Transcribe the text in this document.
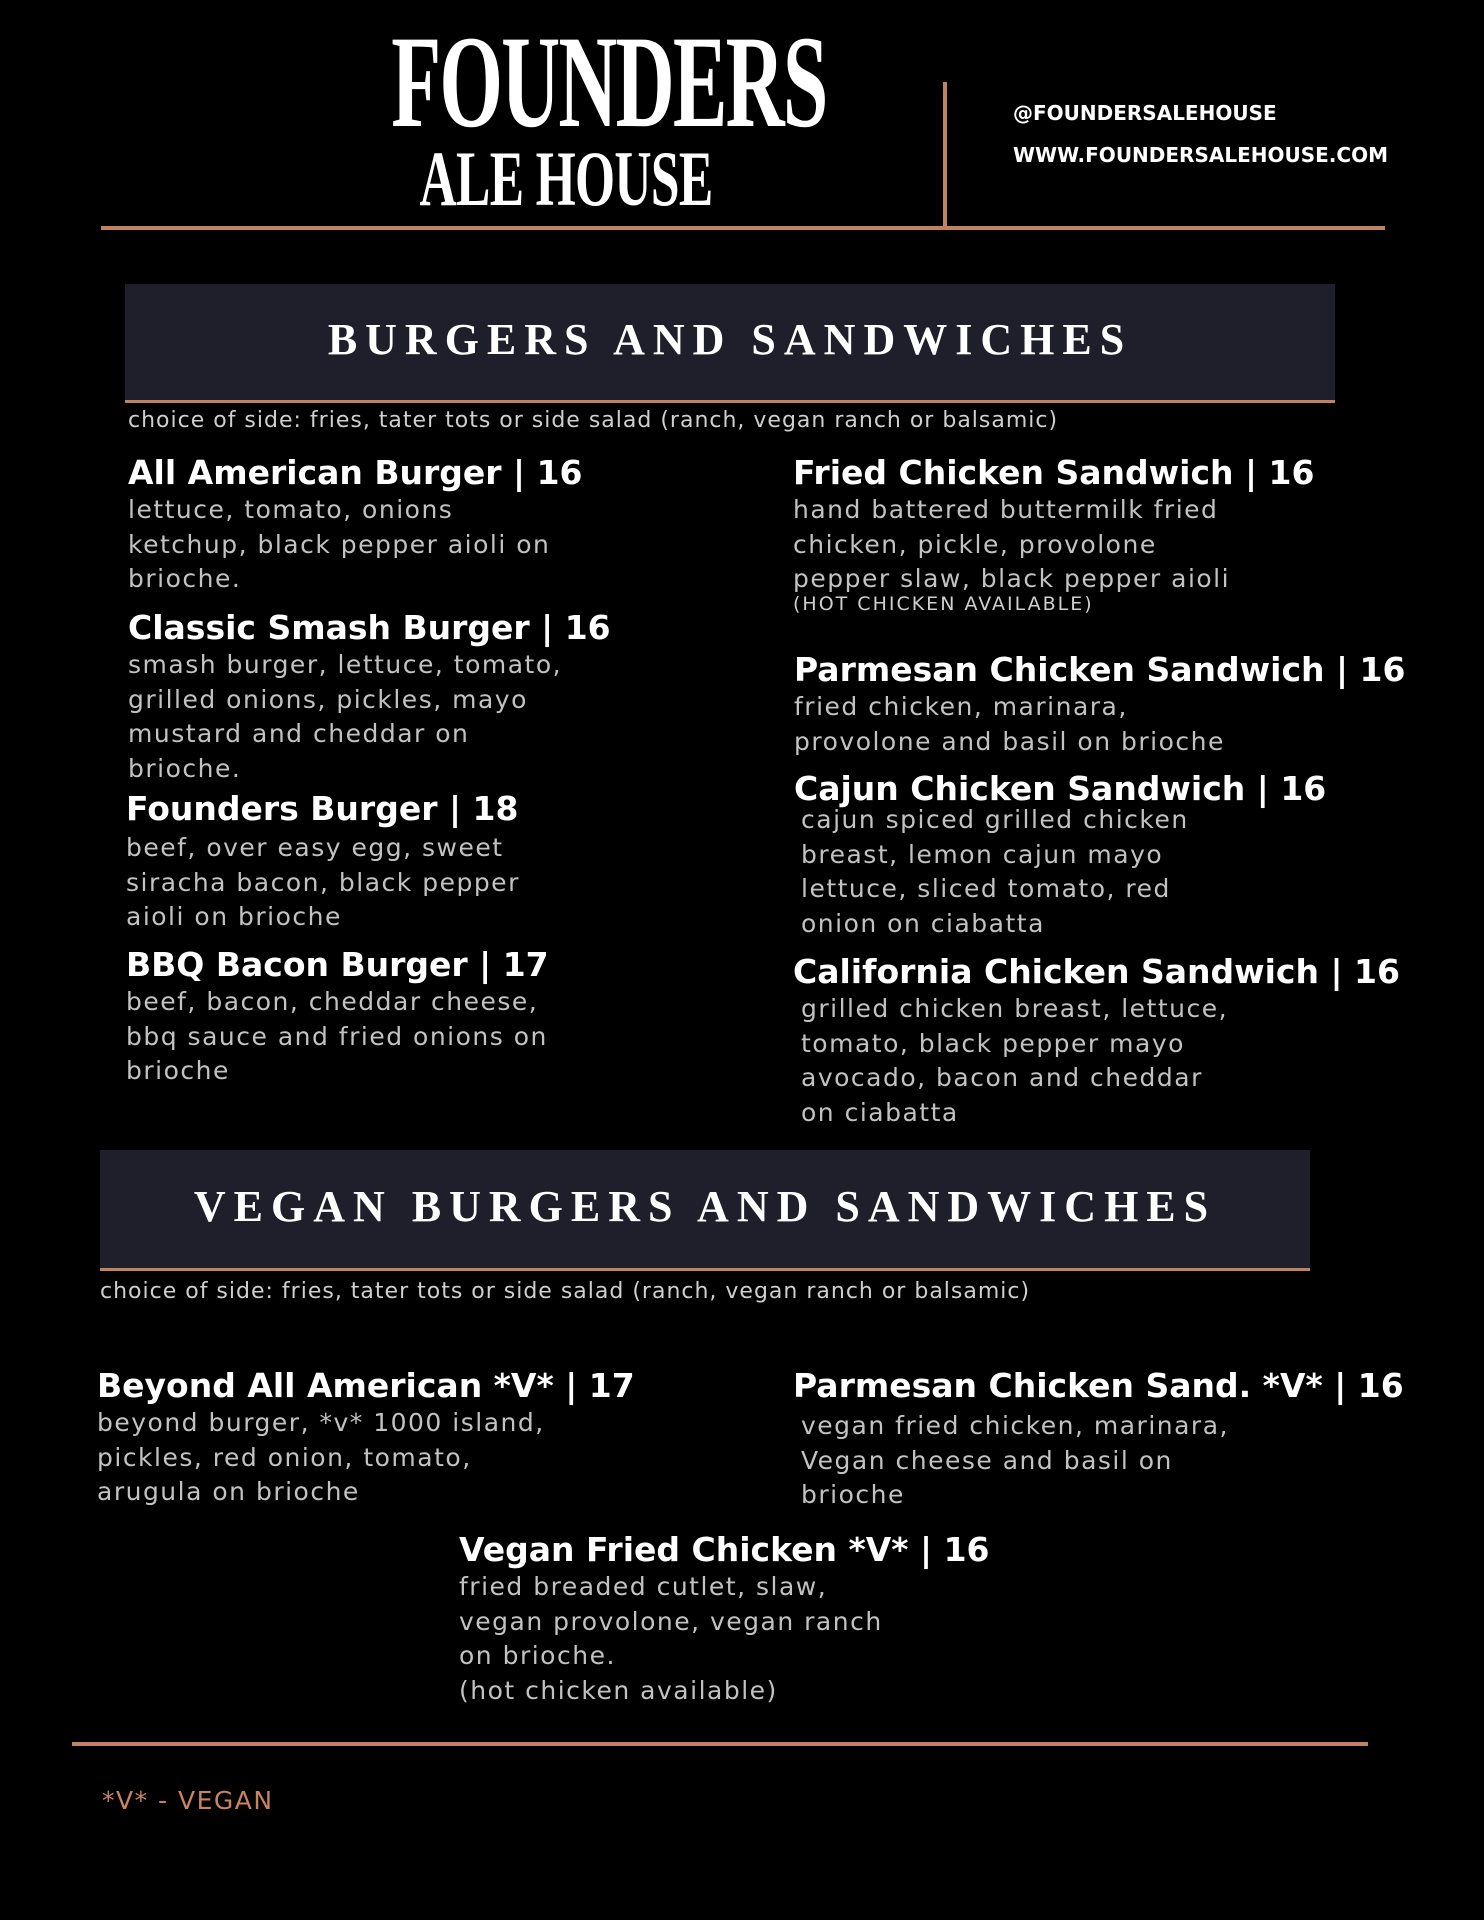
FOUNDERS
ALE HOUSE
@FOUNDERSALEHOUSE
WWW.FOUNDERSALEHOUSE.COM
BURGERS AND SANDWICHES
choice of side: fries, tater tots or side salad (ranch, vegan ranch or balsamic)
All American Burger | 16
lettuce, tomato, onions
ketchup, black pepper aioli on
brioche.
Classic Smash Burger | 16
smash burger, lettuce, tomato,
grilled onions, pickles, mayo
mustard and cheddar on
brioche.
Founders Burger | 18
beef, over easy egg, sweet
siracha bacon, black pepper
aioli on brioche
BBQ Bacon Burger | 17
beef, bacon, cheddar cheese,
bbq sauce and fried onions on
brioche
Fried Chicken Sandwich | 16
hand battered buttermilk fried
chicken, pickle, provolone
pepper slaw, black pepper aioli
(HOT CHICKEN AVAILABLE)
Parmesan Chicken Sandwich | 16
fried chicken, marinara,
provolone and basil on brioche
Cajun Chicken Sandwich | 16
cajun spiced grilled chicken
breast, lemon cajun mayo
lettuce, sliced tomato, red
onion on ciabatta
California Chicken Sandwich | 16
grilled chicken breast, lettuce,
tomato, black pepper mayo
avocado, bacon and cheddar
on ciabatta
VEGAN BURGERS AND SANDWICHES
choice of side: fries, tater tots or side salad (ranch, vegan ranch or balsamic)
Beyond All American *V* | 17
beyond burger, *v* 1000 island,
pickles, red onion, tomato,
arugula on brioche
Parmesan Chicken Sand. *V* | 16
vegan fried chicken, marinara,
Vegan cheese and basil on
brioche
Vegan Fried Chicken *V* | 16
fried breaded cutlet, slaw,
vegan provolone, vegan ranch
on brioche.
(hot chicken available)
*V* - VEGAN
